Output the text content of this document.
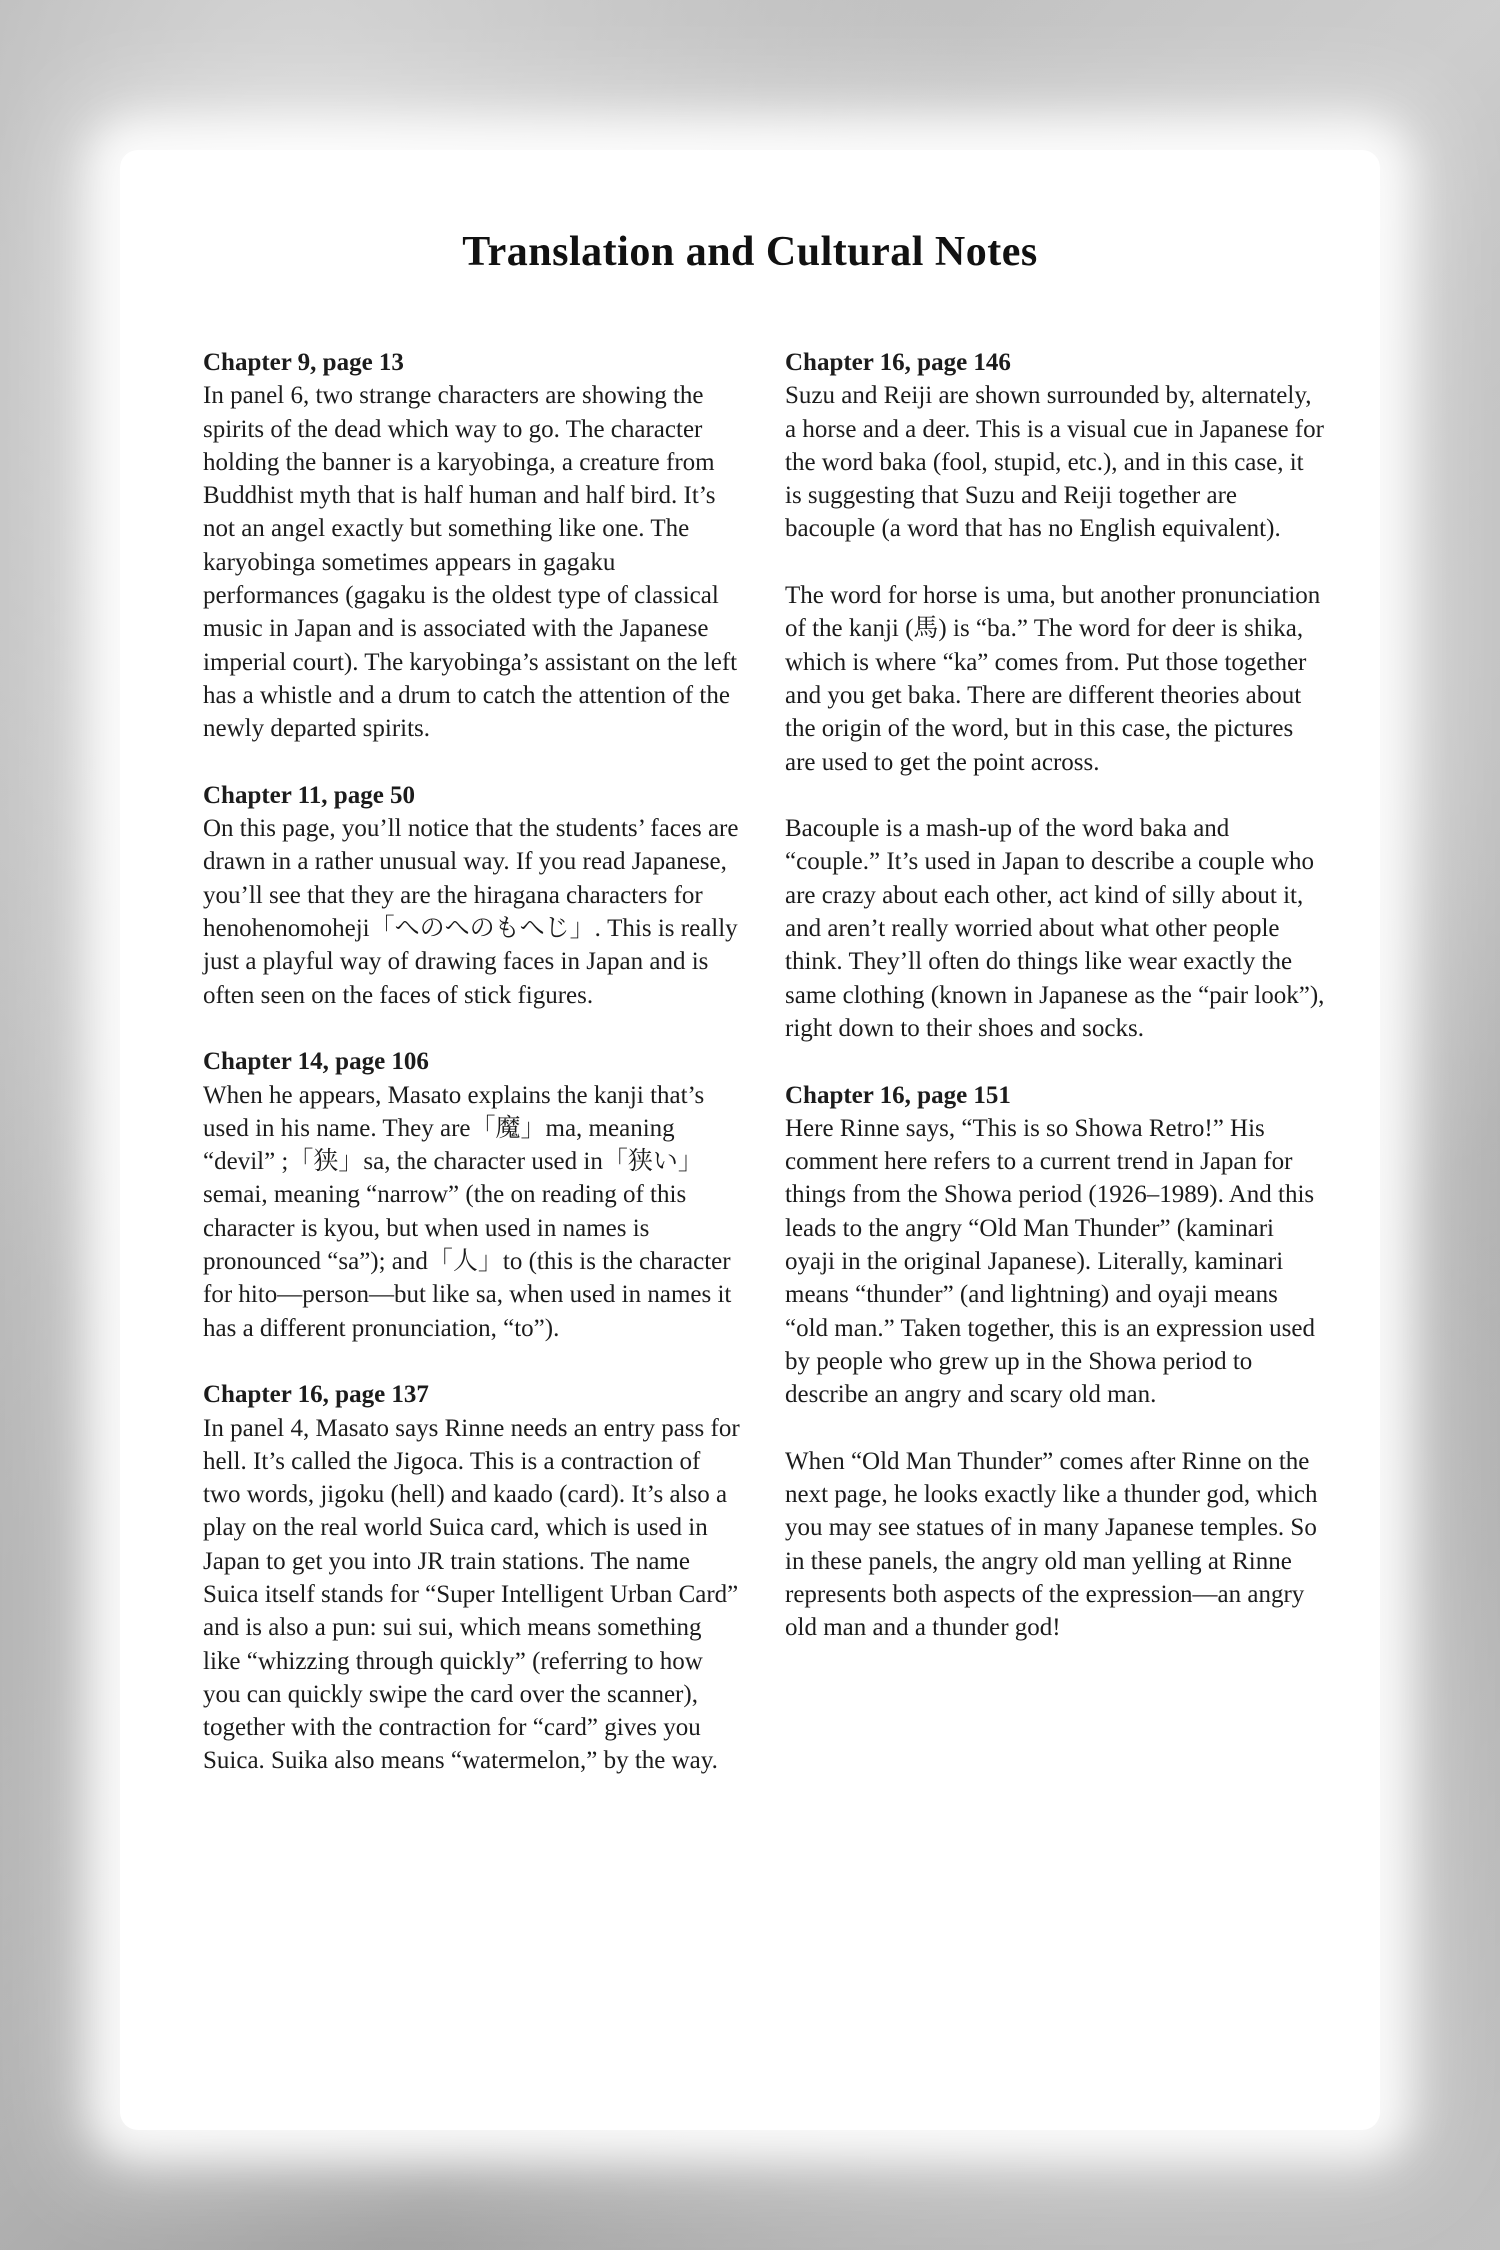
Translation and Cultural Notes
Chapter 9, page 13

In panel 6, two strange characters are showing the spirits of the dead which way to go. The character holding the banner is a karyobinga, a creature from Buddhist myth that is half human and half bird. It’s not an angel exactly but something like one. The karyobinga sometimes appears in gagaku performances (gagaku is the oldest type of classical music in Japan and is associated with the Japanese imperial court). The karyobinga’s assistant on the left has a whistle and a drum to catch the attention of the newly departed spirits.

Chapter 11, page 50

On this page, you’ll notice that the students’ faces are drawn in a rather unusual way. If you read Japanese, you’ll see that they are the hiragana characters for henohenomoheji「へのへのもへじ」. This is really just a playful way of drawing faces in Japan and is often seen on the faces of stick figures.

Chapter 14, page 106

When he appears, Masato explains the kanji that’s used in his name. They are「魔」ma, meaning “devil” ;「狭」sa, the character used in「狭い」semai, meaning “narrow” (the on reading of this character is kyou, but when used in names is pronounced “sa”); and「人」to (this is the character for hito—person—but like sa, when used in names it has a different pronunciation, “to”).

Chapter 16, page 137

In panel 4, Masato says Rinne needs an entry pass for hell. It’s called the Jigoca. This is a contraction of two words, jigoku (hell) and kaado (card). It’s also a play on the real world Suica card, which is used in Japan to get you into JR train stations. The name Suica itself stands for “Super Intelligent Urban Card” and is also a pun: sui sui, which means something like “whizzing through quickly” (referring to how you can quickly swipe the card over the scanner), together with the contraction for “card” gives you Suica. Suika also means “watermelon,” by the way.

Chapter 16, page 146

Suzu and Reiji are shown surrounded by, alternately, a horse and a deer. This is a visual cue in Japanese for the word baka (fool, stupid, etc.), and in this case, it is suggesting that Suzu and Reiji together are bacouple (a word that has no English equivalent).

The word for horse is uma, but another pronunciation of the kanji (馬) is “ba.” The word for deer is shika, which is where “ka” comes from. Put those together and you get baka. There are different theories about the origin of the word, but in this case, the pictures are used to get the point across.

Bacouple is a mash-up of the word baka and “couple.” It’s used in Japan to describe a couple who are crazy about each other, act kind of silly about it, and aren’t really worried about what other people think. They’ll often do things like wear exactly the same clothing (known in Japanese as the “pair look”), right down to their shoes and socks.

Chapter 16, page 151

Here Rinne says, “This is so Showa Retro!” His comment here refers to a current trend in Japan for things from the Showa period (1926–1989). And this leads to the angry “Old Man Thunder” (kaminari oyaji in the original Japanese). Literally, kaminari means “thunder” (and lightning) and oyaji means “old man.” Taken together, this is an expression used by people who grew up in the Showa period to describe an angry and scary old man.

When “Old Man Thunder” comes after Rinne on the next page, he looks exactly like a thunder god, which you may see statues of in many Japanese temples. So in these panels, the angry old man yelling at Rinne represents both aspects of the expression—an angry old man and a thunder god!
